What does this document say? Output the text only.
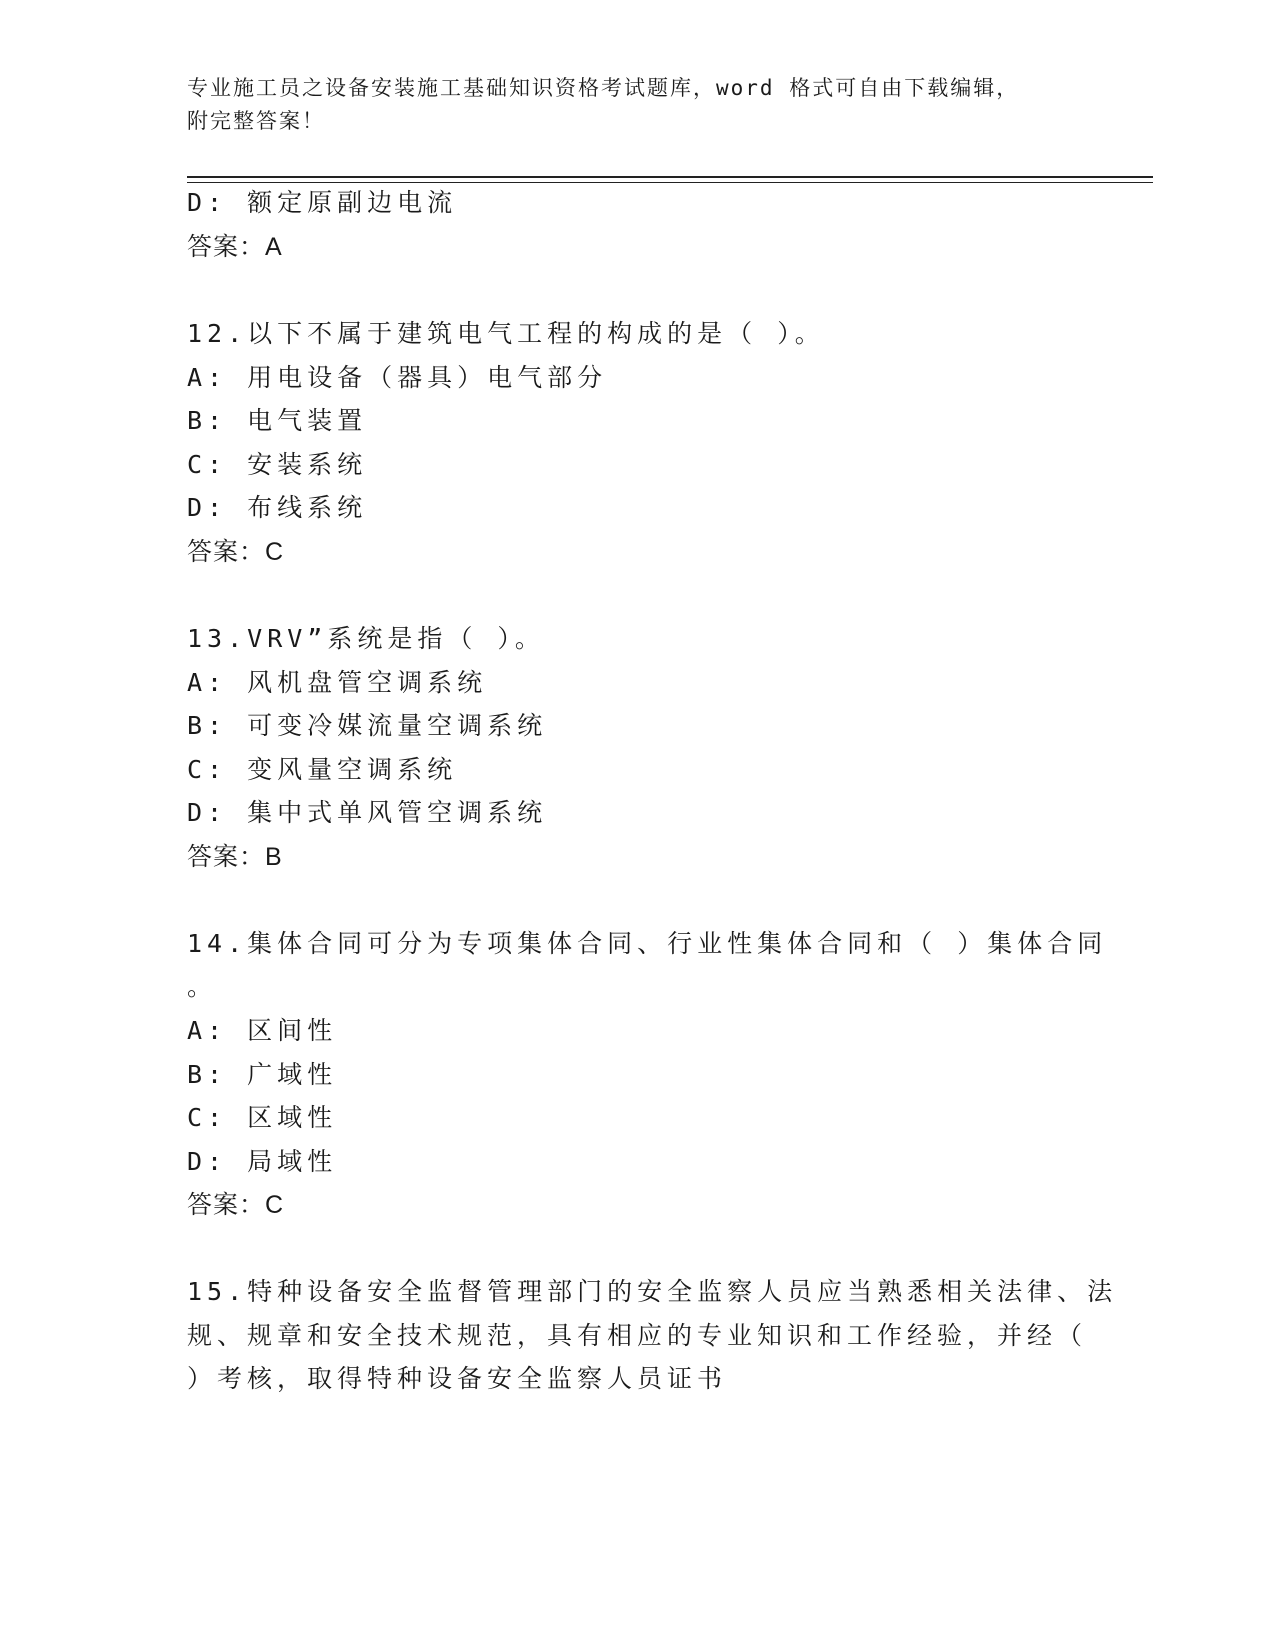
专业施工员之设备安装施工基础知识资格考试题库，word 格式可自由下载编辑，
附完整答案！
D: 额定原副边电流
答案：A
12.以下不属于建筑电气工程的构成的是（ ）。
A: 用电设备（器具）电气部分
B: 电气装置
C: 安装系统
D: 布线系统
答案：C
13.VRV”系统是指（ ）。
A: 风机盘管空调系统
B: 可变冷媒流量空调系统
C: 变风量空调系统
D: 集中式单风管空调系统
答案：B
14.集体合同可分为专项集体合同、行业性集体合同和（ ）集体合同
。
A: 区间性
B: 广域性
C: 区域性
D: 局域性
答案：C
15.特种设备安全监督管理部门的安全监察人员应当熟悉相关法律、法
规、规章和安全技术规范，具有相应的专业知识和工作经验，并经（
）考核，取得特种设备安全监察人员证书
